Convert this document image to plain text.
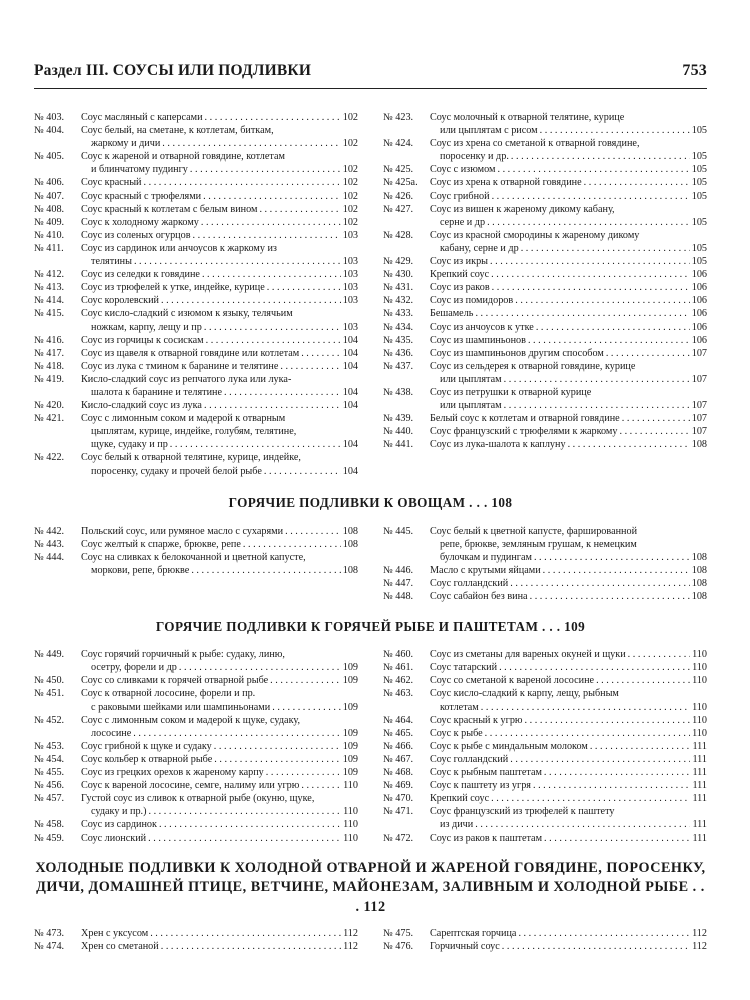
Раздел III. СОУСЫ ИЛИ ПОДЛИВКИ	753
№ 403.	Соус масляный с каперсами . . .	102
№ 404.	Соус белый, на сметане, к котлетам, биткам,
жаркому и дичи . . .	102
№ 405.	Соус к жареной и отварной говядине, котлетам
и блинчатому пудингу . . .	102
№ 406.	Соус красный . . .	102
№ 407.	Соус красный с трюфелями . . .	102
№ 408.	Соус красный к котлетам с белым вином . . .	102
№ 409.	Соус к холодному жаркому . . .	102
№ 410.	Соус из соленых огурцов . . .	103
№ 411.	Соус из сардинок или анчоусов к жаркому из
телятины . . .	103
№ 412.	Соус из селедки к говядине . . .	103
№ 413.	Соус из трюфелей к утке, индейке, курице . . .	103
№ 414.	Соус королевский . . .	103
№ 415.	Соус кисло-сладкий с изюмом к языку, телячьим
ножкам, карпу, лещу и пр . . .	103
№ 416.	Соус из горчицы к сосискам . . .	104
№ 417.	Соус из щавеля к отварной говядине или котлетам . . .	104
№ 418.	Соус из лука с тмином к баранине и телятине . . .	104
№ 419.	Кисло-сладкий соус из репчатого лука или лука-
шалота к баранине и телятине . . .	104
№ 420.	Кисло-сладкий соус из лука . . .	104
№ 421.	Соус с лимонным соком и мадерой к отварным
цыплятам, курице, индейке, голубям, телятине,
щуке, судаку и пр . . .	104
№ 422.	Соус белый к отварной телятине, курице, индейке,
поросенку, судаку и прочей белой рыбе . . .	104
№ 423.	Соус молочный к отварной телятине, курице
или цыплятам с рисом . . .	105
№ 424.	Соус из хрена со сметаной к отварной говядине,
поросенку и др. . . .	105
№ 425.	Соус с изюмом . . .	105
№ 425а.	Соус из хрена к отварной говядине . . .	105
№ 426.	Соус грибной . . .	105
№ 427.	Соус из вишен к жареному дикому кабану,
серне и др . . .	105
№ 428.	Соус из красной смородины к жареному дикому
кабану, серне и др . . .	105
№ 429.	Соус из икры . . .	105
№ 430.	Крепкий соус . . .	106
№ 431.	Соус из раков . . .	106
№ 432.	Соус из помидоров . . .	106
№ 433.	Бешамель . . .	106
№ 434.	Соус из анчоусов к утке . . .	106
№ 435.	Соус из шампиньонов . . .	106
№ 436.	Соус из шампиньонов другим способом . . .	107
№ 437.	Соус из сельдерея к отварной говядине, курице
или цыплятам . . .	107
№ 438.	Соус из петрушки к отварной курице
или цыплятам . . .	107
№ 439.	Белый соус к котлетам и отварной говядине . . .	107
№ 440.	Соус французский с трюфелями к жаркому . . .	107
№ 441.	Соус из лука-шалота к каплуну . . .	108
ГОРЯЧИЕ ПОДЛИВКИ К ОВОЩАМ . . . 108
№ 442.	Польский соус, или румяное масло с сухарями . . .	108
№ 443.	Соус желтый к спарже, брюкве, репе . . .	108
№ 444.	Соус на сливках к белокочанной и цветной капусте,
моркови, репе, брюкве . . .	108
№ 445.	Соус белый к цветной капусте, фаршированной
репе, брюкве, земляным грушам, к немецким
булочкам и пудингам . . .	108
№ 446.	Масло с крутыми яйцами . . .	108
№ 447.	Соус голландский . . .	108
№ 448.	Соус сабайон без вина . . .	108
ГОРЯЧИЕ ПОДЛИВКИ К ГОРЯЧЕЙ РЫБЕ И ПАШТЕТАМ . . . 109
№ 449.	Соус горячий горчичный к рыбе: судаку, линю,
осетру, форели и др . . .	109
№ 450.	Соус со сливками к горячей отварной рыбе . . .	109
№ 451.	Соус к отварной лососине, форели и пр.
с раковыми шейками или шампиньонами . . .	109
№ 452.	Соус с лимонным соком и мадерой к щуке, судаку,
лососине . . .	109
№ 453.	Соус грибной к щуке и судаку . . .	109
№ 454.	Соус кольбер к отварной рыбе . . .	109
№ 455.	Соус из грецких орехов к жареному карпу . . .	109
№ 456.	Соус к вареной лососине, семге, налиму или угрю . . .	110
№ 457.	Густой соус из сливок к отварной рыбе (окуню, щуке,
судаку и пр.) . . .	110
№ 458.	Соус из сардинок . . .	110
№ 459.	Соус лионский . . .	110
№ 460.	Соус из сметаны для вареных окуней и щуки . . .	110
№ 461.	Соус татарский . . .	110
№ 462.	Соус со сметаной к вареной лососине . . .	110
№ 463.	Соус кисло-сладкий к карпу, лещу, рыбным
котлетам . . .	110
№ 464.	Соус красный к угрю . . .	110
№ 465.	Соус к рыбе . . .	110
№ 466.	Соус к рыбе с миндальным молоком . . .	111
№ 467.	Соус голландский . . .	111
№ 468.	Соус к рыбным паштетам . . .	111
№ 469.	Соус к паштету из угря . . .	111
№ 470.	Крепкий соус . . .	111
№ 471.	Соус французский из трюфелей к паштету
из дичи . . .	111
№ 472.	Соус из раков к паштетам . . .	111
ХОЛОДНЫЕ ПОДЛИВКИ К ХОЛОДНОЙ ОТВАРНОЙ И ЖАРЕНОЙ ГОВЯДИНЕ, ПОРОСЕНКУ, ДИЧИ, ДОМАШНЕЙ ПТИЦЕ, ВЕТЧИНЕ, МАЙОНЕЗАМ, ЗАЛИВНЫМ И ХОЛОДНОЙ РЫБЕ . . . 112
№ 473.	Хрен с уксусом . . .	112
№ 474.	Хрен со сметаной . . .	112
№ 475.	Сарептская горчица . . .	112
№ 476.	Горчичный соус . . .	112
